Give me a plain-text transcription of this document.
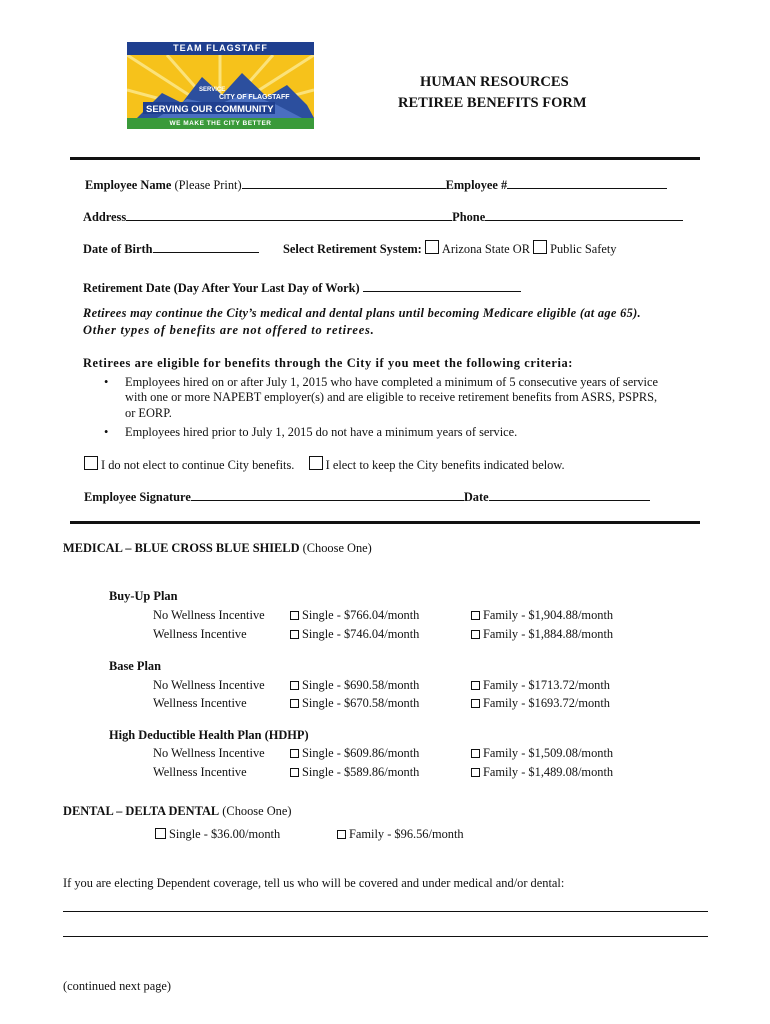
TEAM FLAGSTAFF
SERVICE
CITY OF FLAGSTAFF
SERVING OUR COMMUNITY
WE MAKE THE CITY BETTER
HUMAN RESOURCES
RETIREE BENEFITS FORM
Employee Name (Please Print)	Employee #
Address	Phone
Date of Birth	Select Retirement System: Arizona State OR Public Safety
Retirement Date (Day After Your Last Day of Work)
Retirees may continue the City’s medical and dental plans until becoming Medicare eligible (at age 65).
Other types of benefits are not offered to retirees.
Retirees are eligible for benefits through the City if you meet the following criteria:
• Employees hired on or after July 1, 2015 who have completed a minimum of 5 consecutive years of service
with one or more NAPEBT employer(s) and are eligible to receive retirement benefits from ASRS, PSPRS,
or EORP.
• Employees hired prior to July 1, 2015 do not have a minimum years of service.
I do not elect to continue City benefits.	I elect to keep the City benefits indicated below.
Employee Signature	Date
MEDICAL – BLUE CROSS BLUE SHIELD (Choose One)
Buy-Up Plan
No Wellness Incentive	Single - $766.04/month	Family - $1,904.88/month
Wellness Incentive	Single - $746.04/month	Family - $1,884.88/month
Base Plan
No Wellness Incentive	Single - $690.58/month	Family - $1713.72/month
Wellness Incentive	Single - $670.58/month	Family - $1693.72/month
High Deductible Health Plan (HDHP)
No Wellness Incentive	Single - $609.86/month	Family - $1,509.08/month
Wellness Incentive	Single - $589.86/month	Family - $1,489.08/month
DENTAL – DELTA DENTAL (Choose One)
Single - $36.00/month	Family - $96.56/month
If you are electing Dependent coverage, tell us who will be covered and under medical and/or dental:
(continued next page)
